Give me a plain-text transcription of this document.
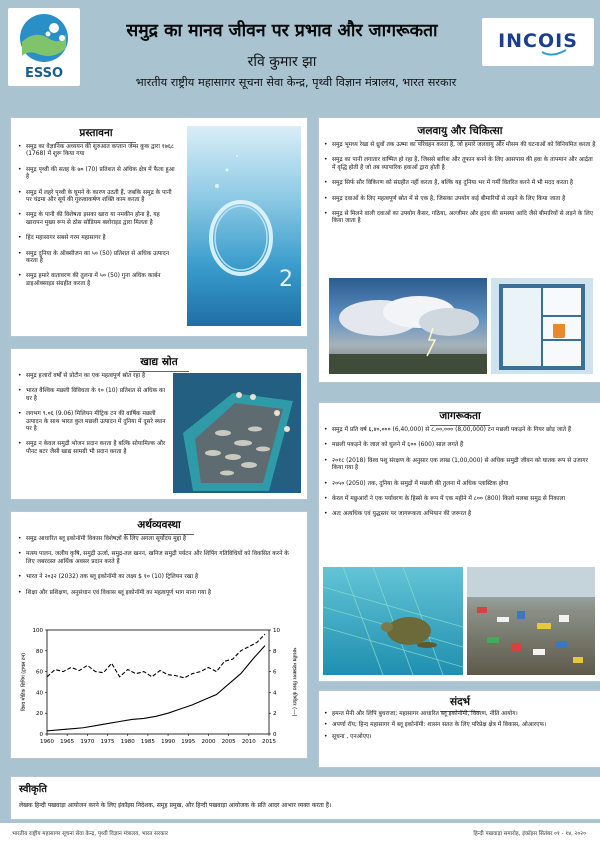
ESSO
समुद्र का मानव जीवन पर प्रभाव और जागरूकता
रवि कुमार झा
भारतीय राष्ट्रीय महासागर सूचना सेवा केन्द्र, पृथ्वी विज्ञान मंत्रालय, भारत सरकार
INCOIS
प्रस्तावना
• समुद्र का वैज्ञानिक अध्ययन की शुरुआत कप्तान जेम्स कुक द्वारा १७६८ (1768) में शुरू किया गया
• समुद्र पृथ्वी की सतह के ७० (70) प्रतिशत से अधिक क्षेत्र में फैला हुआ है
• समुद्र में लहरे पृथ्वी के घूमने के कारण उठती हैं, जबकि समुद्र के पानी पर चंद्रमा और सूर्य की गुरुत्वाकर्षण शक्ति काम करता है
• समुद्र के पानी की विशेषता इसका खारा या नमकीन होना है, यह खारापन मुख्य रूप से ठोस सोडियम क्लोराइड द्वारा मिलता है
• हिंद महासागर सबसे गरम महासागर है
• समुद्र दुनिया के ऑक्सीजन का ५० (50) प्रतिशत से अधिक उत्पादन करता है
• समुद्र हमारे वातावरण की तुलना में ५० (50) गुना अधिक कार्बन डाइऑक्साइड संग्रहीत करता है	2
खाद्य स्रोत
• समुद्र हजारों वर्षों से प्रोटीन का एक महत्वपूर्ण स्रोत रहा है
• भारत वैश्विक मछली विविधता के १० (10) प्रतिशत से अधिक का घर है
• लगभग ९.०६ (9.06) मिलियन मीट्रिक टन की वार्षिक मछली उत्पादन के साथ भारत कुल मछली उत्पादन में दुनिया में दूसरे स्थान पर है
• समुद्र न केवल समुद्री भोजन प्रदान करता है बल्कि सोयामिल्क और पौनट बटर जैसी खाद्य सामग्री भी प्रदान करता है
अर्थव्यवस्था
• समुद्र आधारित ब्लू इकोनॉमी विकास विशेषज्ञों के लिए अगला सूर्योदय मुद्दा है
• मत्स्य पालन, जलीय कृषि, समुद्री ऊर्जा, समुद्र-तल खनन, खनिज समुद्री पर्यटन और शिपिंग गतिविधियों को विकसित करने के लिए जबरदस्त आर्थिक अवसर प्रदान करते हैं
• भारत ने २०३२ (2032) तक ब्लू इकोनॉमी का लक्ष्य $ १० (10) ट्रिलियन रखा है
• शिक्षा और प्रशिक्षण, अनुसंधान एवं विकास ब्लू इकोनॉमी का महत्वपूर्ण भाग माना गया है
1960 1965 1970 1975 1980 1985 1990 1995 2000 2005 2010 2015
0
20
40
60
80
100
0
2
4
6
8
10
विश्व मोटिक शिपिंग (ट्रायल टन)	भारतीय महासागर विश्व कीमीटर (---)
जलवायु और चिकित्सा
• समुद्र भूमध्य रेखा से ध्रुवों तक ऊष्मा का परिवहन करता है, जो हमारे जलवायु और मौसम की घटनाओं को विनियमित करता है
• समुद्र का पानी लगातार वाष्पित हो रहा है, जिससे बारिश और तूफान बनने के लिए आसपास की हवा के तापमान और आर्द्रता में वृद्धि होती है जो तब व्यापारिक हवाओं द्वारा होती है
• समुद्र सिर्फ सौर विकिरण को संग्रहीत नहीं करता है, बल्कि यह दुनिया भर में गर्मी वितरित करने में भी मदद करता है
• समुद्र दवाओं के लिए महत्वपूर्ण स्रोत में से एक है, जिसका उपयोग कई बीमारियों से लड़ने के लिए किया जाता है
• समुद्र से मिलने वाली दवाओं का उपयोग कैंसर, गठिया, अल्जीमर और हृदय की समस्या आदि जैसे बीमारियों से लड़ने के लिए किया जाता है
जागरूकता
• समुद्र में प्रति वर्ष ६,४०,००० (6,40,000) से ८,००,००० (8,00,000) टन मछली पकड़ने के गियर छोड़ जाते हैं
• मछली पकड़ने के जाल को घुलने में ६०० (600) साल लगते हैं
• २०१८ (2018) विश्व पशु संरक्षण के अनुसार एक लाख (1,00,000) से अधिक समुद्री जीवन को घातक रूप से उजागर किया गया है
• २०५० (2050) तक, दुनिया के समुद्रों में मछली की तुलना में अधिक प्लास्टिक होगा
• केरल में मछुआरों ने एक पर्यावरण के हिस्से के रूप में एक महीने में ८०० (800) किलो मलबा समुद्र से निकाला
• अतः अत्यधिक एवं युद्धस्तर पर जागरूकता अभियान की जरूरत है
संदर्भ
• हमन्त मैनी और लिपि बुधराजा; महासागर आधारित ब्लू इकोनॉमी, विवरण, नीति आयोग।
• अपर्णा रॉय; हिन्द महासागर में ब्लू इकोनॉमी: शासन सतत के लिए परिप्रेक्ष क्षेत्र में विकास, ओआरएफ।
• सूचना , एनओएए।
स्वीकृति
लेखक हिन्दी पखवाड़ा आयोजन करने के लिए इंकॉइस निदेशक, समूह प्रमुख, और हिन्दी पखवाड़ा आयोजक के प्रति आदर आभार व्यक्त करता हैं।
भारतीय राष्ट्रीय महासागर सूचना सेवा केन्द्र, पृथ्वी विज्ञान मंत्रालय, भारत सरकार	हिन्दी पखवाड़ा समारोह, इंकॉइस सितंबर ०१ - १४, २०२०
